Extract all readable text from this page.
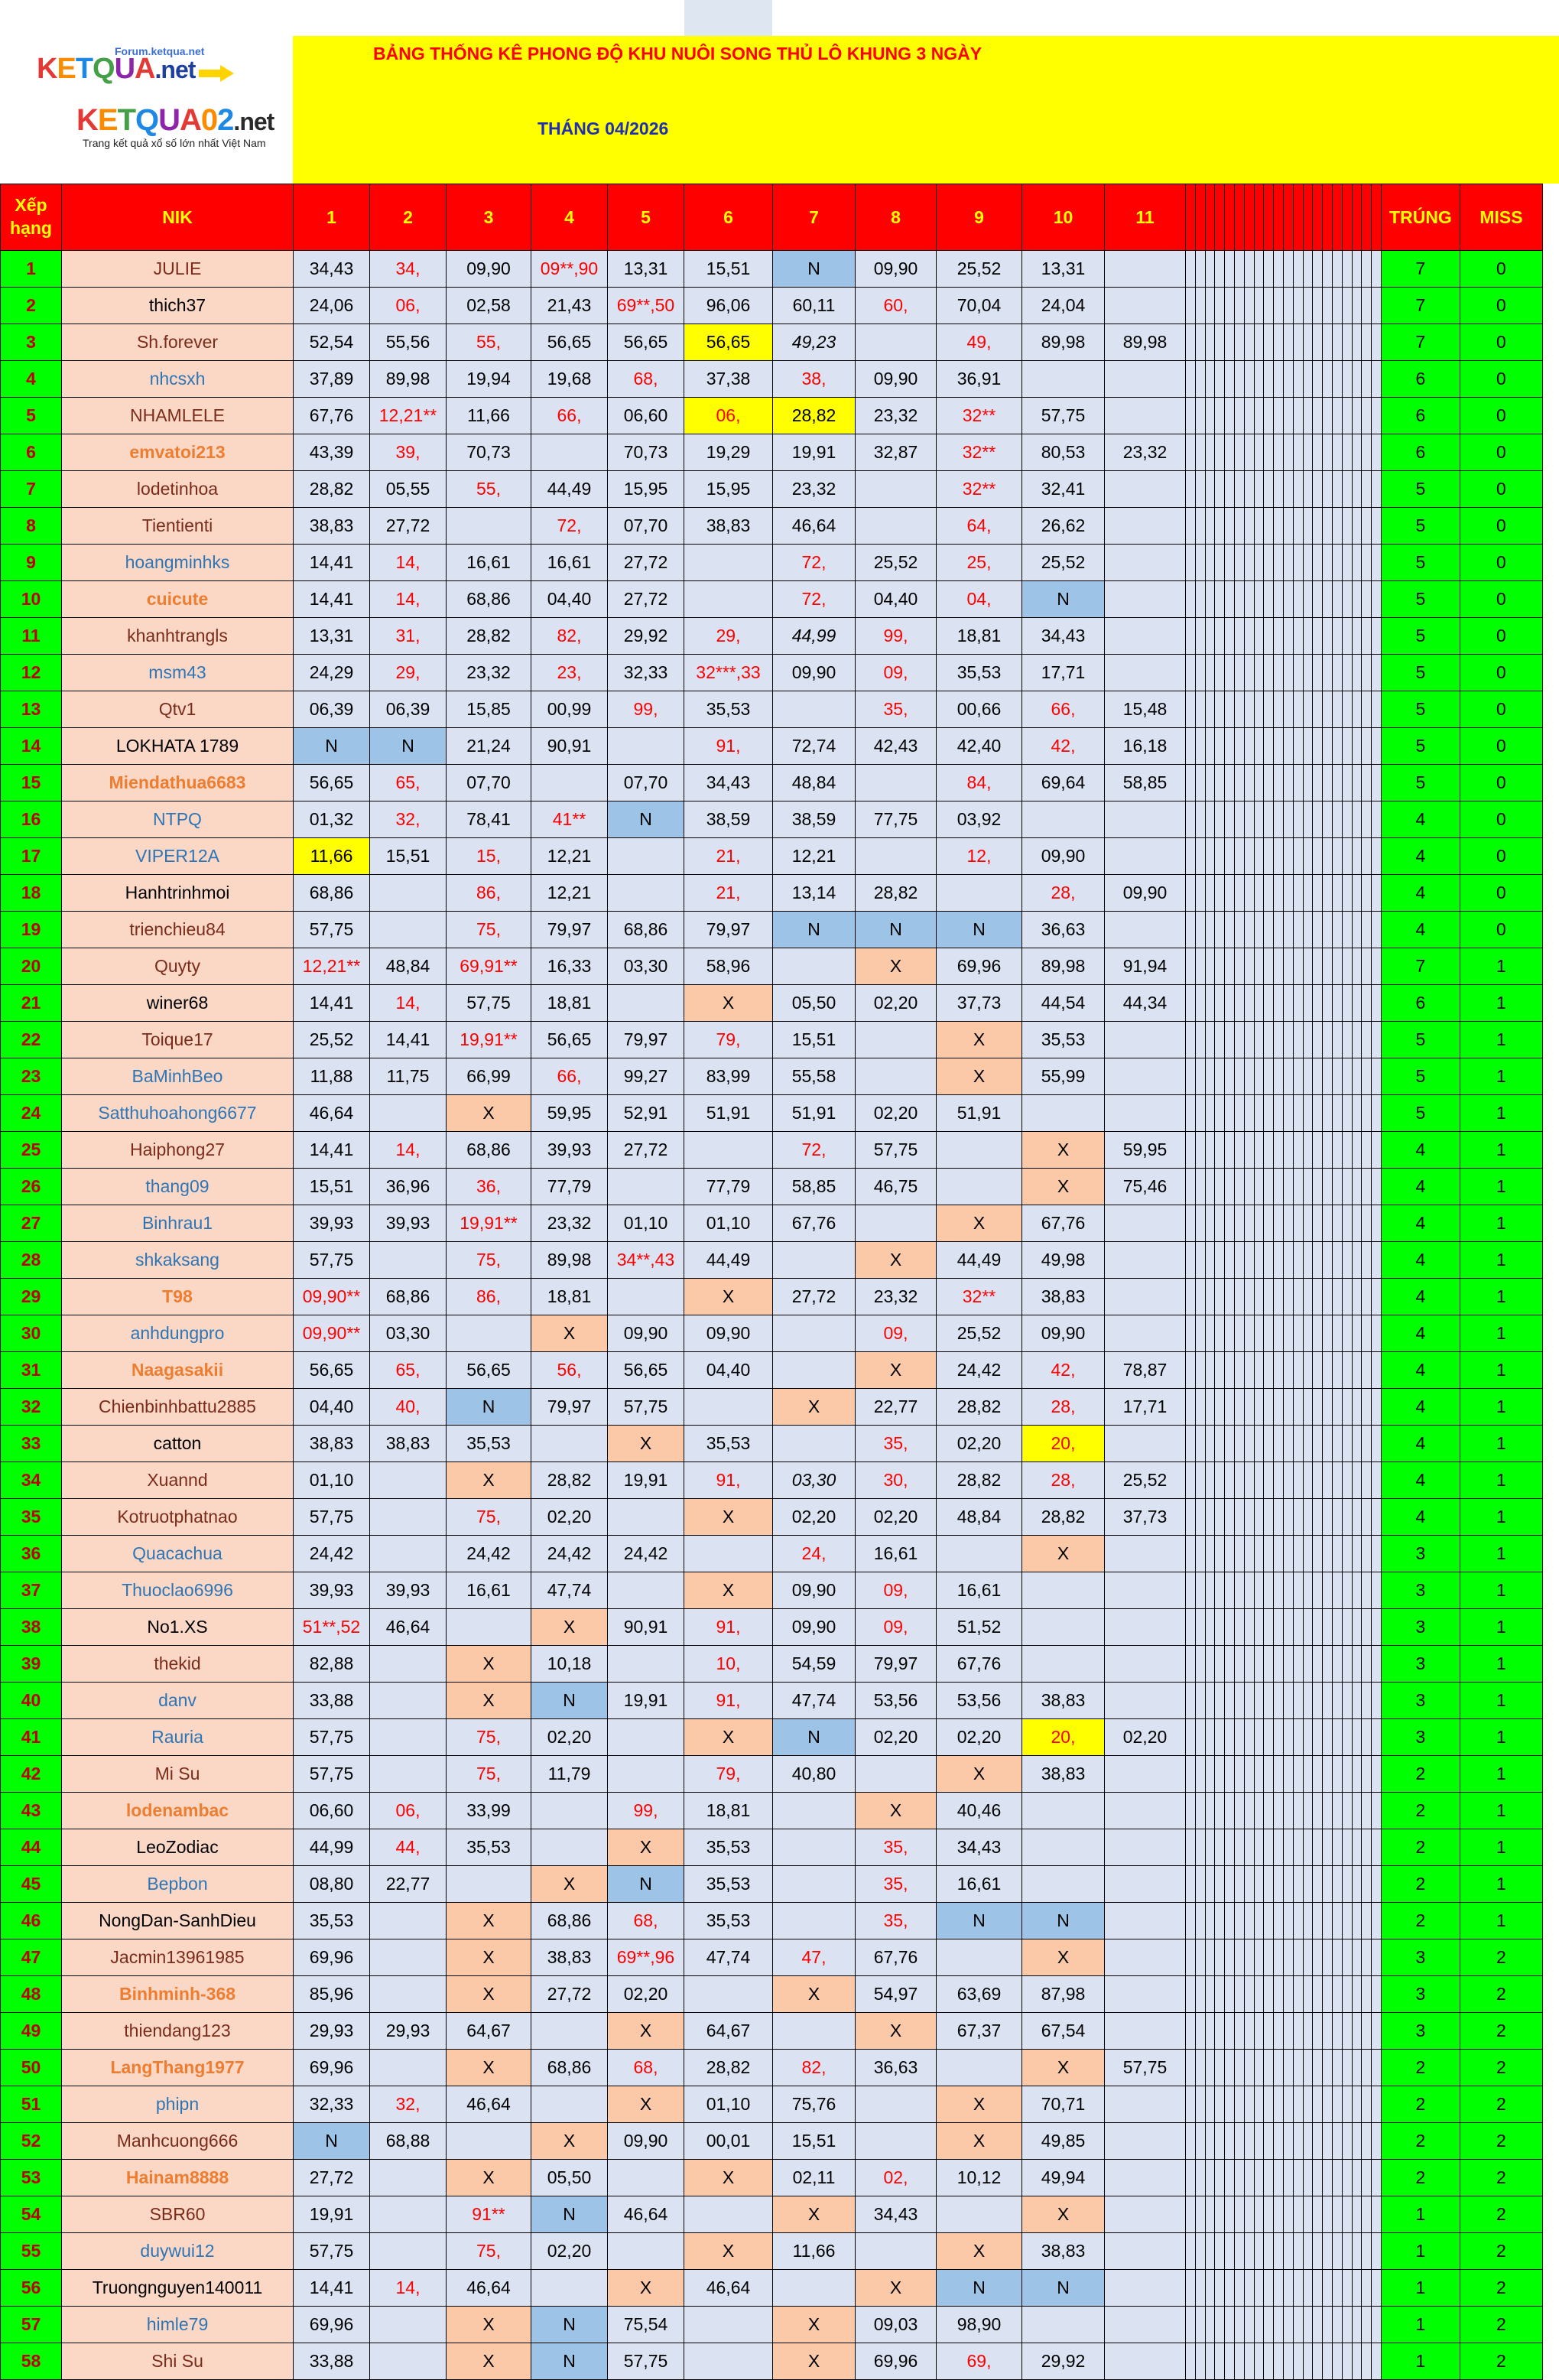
KETQUA.net
Forum.ketqua.net
KETQUA02.net
Trang kết quả xổ số lớn nhất Việt Nam
BẢNG THỐNG KÊ PHONG ĐỘ KHU NUÔI SONG THỦ LÔ KHUNG 3 NGÀY
THÁNG 04/2026
Xếp hạng	NIK	1	2	3	4	5	6	7	8	9	10	11																					TRÚNG	MISS
1	JULIE	34,43	34,	09,90	09**,90	13,31	15,51	N	09,90	25,52	13,31																						7	0
2	thich37	24,06	06,	02,58	21,43	69**,50	96,06	60,11	60,	70,04	24,04																						7	0
3	Sh.forever	52,54	55,56	55,	56,65	56,65	56,65	49,23		49,	89,98	89,98																					7	0
4	nhcsxh	37,89	89,98	19,94	19,68	68,	37,38	38,	09,90	36,91																							6	0
5	NHAMLELE	67,76	12,21**	11,66	66,	06,60	06,	28,82	23,32	32**	57,75																						6	0
6	emvatoi213	43,39	39,	70,73		70,73	19,29	19,91	32,87	32**	80,53	23,32																					6	0
7	lodetinhoa	28,82	05,55	55,	44,49	15,95	15,95	23,32		32**	32,41																						5	0
8	Tientienti	38,83	27,72		72,	07,70	38,83	46,64		64,	26,62																						5	0
9	hoangminhks	14,41	14,	16,61	16,61	27,72		72,	25,52	25,	25,52																						5	0
10	cuicute	14,41	14,	68,86	04,40	27,72		72,	04,40	04,	N																						5	0
11	khanhtrangls	13,31	31,	28,82	82,	29,92	29,	44,99	99,	18,81	34,43																						5	0
12	msm43	24,29	29,	23,32	23,	32,33	32***,33	09,90	09,	35,53	17,71																						5	0
13	Qtv1	06,39	06,39	15,85	00,99	99,	35,53		35,	00,66	66,	15,48																					5	0
14	LOKHATA 1789	N	N	21,24	90,91		91,	72,74	42,43	42,40	42,	16,18																					5	0
15	Miendathua6683	56,65	65,	07,70		07,70	34,43	48,84		84,	69,64	58,85																					5	0
16	NTPQ	01,32	32,	78,41	41**	N	38,59	38,59	77,75	03,92																							4	0
17	VIPER12A	11,66	15,51	15,	12,21		21,	12,21		12,	09,90																						4	0
18	Hanhtrinhmoi	68,86		86,	12,21		21,	13,14	28,82		28,	09,90																					4	0
19	trienchieu84	57,75		75,	79,97	68,86	79,97	N	N	N	36,63																						4	0
20	Quyty	12,21**	48,84	69,91**	16,33	03,30	58,96		X	69,96	89,98	91,94																					7	1
21	winer68	14,41	14,	57,75	18,81		X	05,50	02,20	37,73	44,54	44,34																					6	1
22	Toique17	25,52	14,41	19,91**	56,65	79,97	79,	15,51		X	35,53																						5	1
23	BaMinhBeo	11,88	11,75	66,99	66,	99,27	83,99	55,58		X	55,99																						5	1
24	Satthuhoahong6677	46,64		X	59,95	52,91	51,91	51,91	02,20	51,91																							5	1
25	Haiphong27	14,41	14,	68,86	39,93	27,72		72,	57,75		X	59,95																					4	1
26	thang09	15,51	36,96	36,	77,79		77,79	58,85	46,75		X	75,46																					4	1
27	Binhrau1	39,93	39,93	19,91**	23,32	01,10	01,10	67,76		X	67,76																						4	1
28	shkaksang	57,75		75,	89,98	34**,43	44,49		X	44,49	49,98																						4	1
29	T98	09,90**	68,86	86,	18,81		X	27,72	23,32	32**	38,83																						4	1
30	anhdungpro	09,90**	03,30		X	09,90	09,90		09,	25,52	09,90																						4	1
31	Naagasakii	56,65	65,	56,65	56,	56,65	04,40		X	24,42	42,	78,87																					4	1
32	Chienbinhbattu2885	04,40	40,	N	79,97	57,75		X	22,77	28,82	28,	17,71																					4	1
33	catton	38,83	38,83	35,53		X	35,53		35,	02,20	20,																						4	1
34	Xuannd	01,10		X	28,82	19,91	91,	03,30	30,	28,82	28,	25,52																					4	1
35	Kotruotphatnao	57,75		75,	02,20		X	02,20	02,20	48,84	28,82	37,73																					4	1
36	Quacachua	24,42		24,42	24,42	24,42		24,	16,61		X																						3	1
37	Thuoclao6996	39,93	39,93	16,61	47,74		X	09,90	09,	16,61																							3	1
38	No1.XS	51**,52	46,64		X	90,91	91,	09,90	09,	51,52																							3	1
39	thekid	82,88		X	10,18		10,	54,59	79,97	67,76																							3	1
40	danv	33,88		X	N	19,91	91,	47,74	53,56	53,56	38,83																						3	1
41	Rauria	57,75		75,	02,20		X	N	02,20	02,20	20,	02,20																					3	1
42	Mi Su	57,75		75,	11,79		79,	40,80		X	38,83																						2	1
43	lodenambac	06,60	06,	33,99		99,	18,81		X	40,46																							2	1
44	LeoZodiac	44,99	44,	35,53		X	35,53		35,	34,43																							2	1
45	Bepbon	08,80	22,77		X	N	35,53		35,	16,61																							2	1
46	NongDan-SanhDieu	35,53		X	68,86	68,	35,53		35,	N	N																						2	1
47	Jacmin13961985	69,96		X	38,83	69**,96	47,74	47,	67,76		X																						3	2
48	Binhminh-368	85,96		X	27,72	02,20		X	54,97	63,69	87,98																						3	2
49	thiendang123	29,93	29,93	64,67		X	64,67		X	67,37	67,54																						3	2
50	LangThang1977	69,96		X	68,86	68,	28,82	82,	36,63		X	57,75																					2	2
51	phipn	32,33	32,	46,64		X	01,10	75,76		X	70,71																						2	2
52	Manhcuong666	N	68,88		X	09,90	00,01	15,51		X	49,85																						2	2
53	Hainam8888	27,72		X	05,50		X	02,11	02,	10,12	49,94																						2	2
54	SBR60	19,91		91**	N	46,64		X	34,43		X																						1	2
55	duywui12	57,75		75,	02,20		X	11,66		X	38,83																						1	2
56	Truongnguyen140011	14,41	14,	46,64		X	46,64		X	N	N																						1	2
57	himle79	69,96		X	N	75,54		X	09,03	98,90																							1	2
58	Shi Su	33,88		X	N	57,75		X	69,96	69,	29,92																						1	2
